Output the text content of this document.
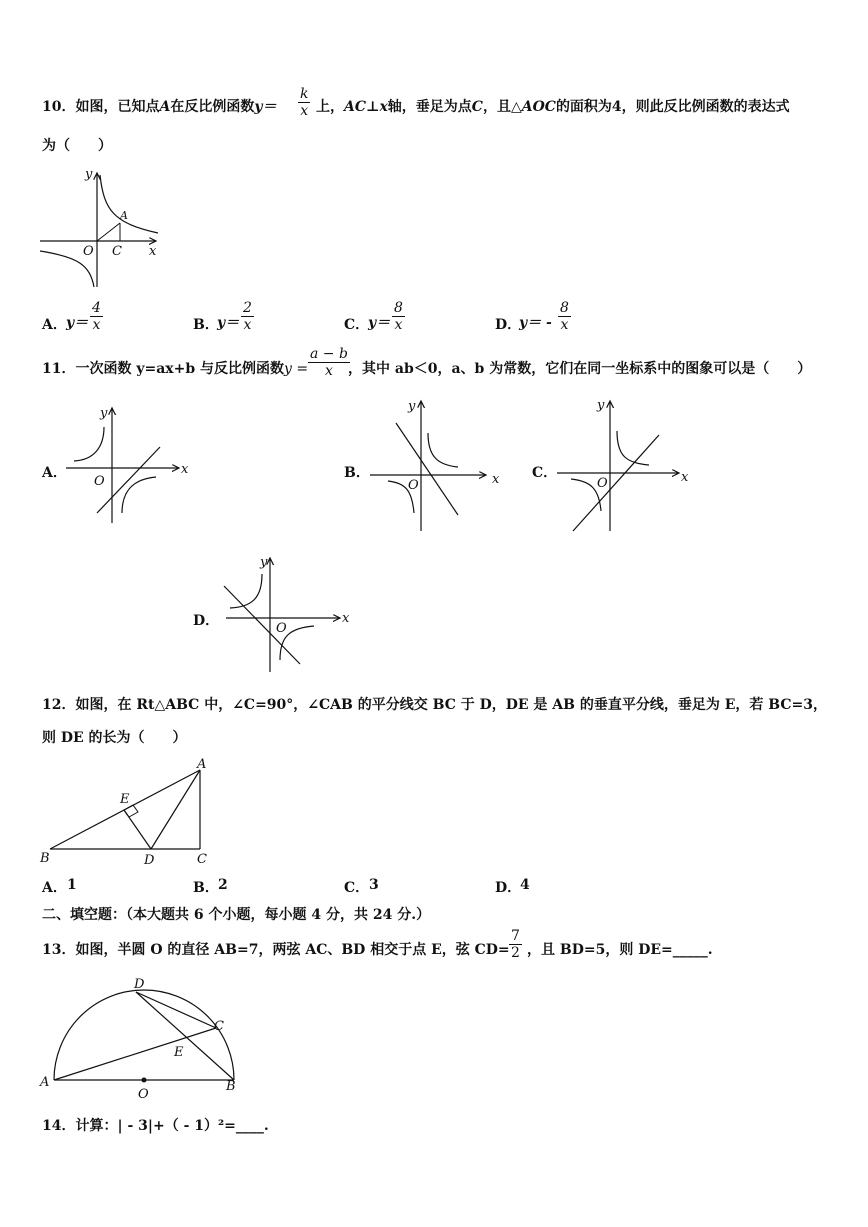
10．如图，已知点A在反比例函数$y= \frac{k}{x}$ 上，AC⊥x轴，垂足为点C，且△AOC的面积为4，则此反比例函数的表达式
为（　　）
y
x
O C
A
A． $y= \frac{4}{x}$	B．
$y= \frac{2}{x}$	C．
$y= \frac{8}{x}$	D．
$y= - \frac{8}{x}$
11．一次函数 y=ax+b 与反比例函数 $y = \frac{a - b}{x}$
，其中 ab＜0，a、b 为常数，它们在同一坐标系中的图象可以是（　　）
A．
y
x
O
B．
y
x
O
C．
y
x
O
D．
y
x
O
12．如图，在 Rt△ABC 中，∠C=90°，∠CAB 的平分线交 BC 于 D，DE 是 AB 的垂直平分线，垂足为 E，若 BC=3，
则 DE 的长为（　　）
A
B	C
D
E
A． 1	B． 2	C． 3	D．
4
二、填空题：（本大题共 6 个小题，每小题 4 分，共 24 分.）
13．如图，半圆 O 的直径 AB=7，两弦 AC、BD 相交于点 E，弦 $CD= \frac{7}{2}$ ，且 BD=5，则 DE=_____.
A	B
C
D
E
O
14．计算：| - 3|+（ - 1）²=____.
